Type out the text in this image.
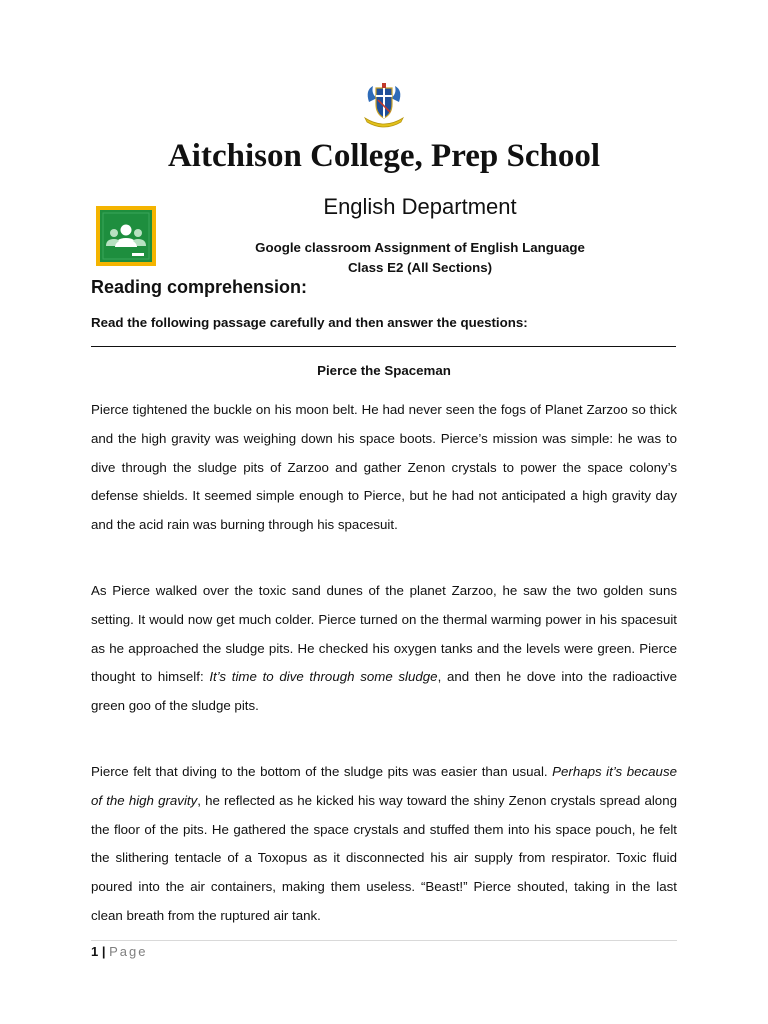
Aitchison College, Prep School
English Department
Google classroom Assignment of English Language
Class E2 (All Sections)
Reading comprehension:
Read the following passage carefully and then answer the questions:
Pierce the Spaceman

Pierce tightened the buckle on his moon belt. He had never seen the fogs of Planet Zarzoo so thick and the high gravity was weighing down his space boots. Pierce’s mission was simple: he was to dive through the sludge pits of Zarzoo and gather Zenon crystals to power the space colony’s defense shields. It seemed simple enough to Pierce, but he had not anticipated a high gravity day and the acid rain was burning through his spacesuit.

As Pierce walked over the toxic sand dunes of the planet Zarzoo, he saw the two golden suns setting. It would now get much colder. Pierce turned on the thermal warming power in his spacesuit as he approached the sludge pits. He checked his oxygen tanks and the levels were green. Pierce thought to himself: It’s time to dive through some sludge, and then he dove into the radioactive green goo of the sludge pits.

Pierce felt that diving to the bottom of the sludge pits was easier than usual. Perhaps it’s because of the high gravity, he reflected as he kicked his way toward the shiny Zenon crystals spread along the floor of the pits. He gathered the space crystals and stuffed them into his space pouch, he felt the slithering tentacle of a Toxopus as it disconnected his air supply from respirator. Toxic fluid poured into the air containers, making them useless. “Beast!” Pierce shouted, taking in the last clean breath from the ruptured air tank.

1 | Page
